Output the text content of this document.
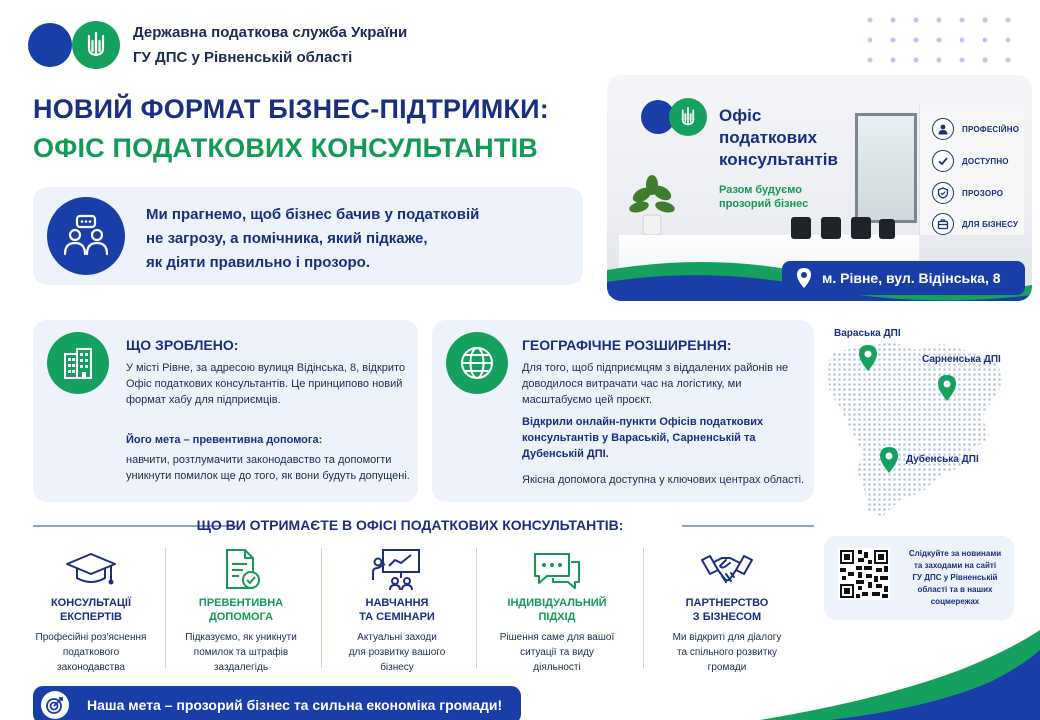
Державна податкова служба України
ГУ ДПС у Рівненській області
НОВИЙ ФОРМАТ БІЗНЕС-ПІДТРИМКИ:
ОФІС ПОДАТКОВИХ КОНСУЛЬТАНТІВ
Ми прагнемо, щоб бізнес бачив у податковій
не загрозу, а помічника, який підкаже,
як діяти правильно і прозоро.
Офіс
податкових
консультантів
Разом будуємо
прозорий бізнес
ПРОФЕСІЙНО
ДОСТУПНО
ПРОЗОРО
ДЛЯ БІЗНЕСУ
м. Рівне, вул. Відінська, 8
ЩО ЗРОБЛЕНО:
У місті Рівне, за адресою вулиця Відінська, 8, відкрито Офіс податкових консультантів. Це принципово новий формат хабу для підприємців.
Його мета – превентивна допомога:
навчити, розтлумачити законодавство та допомогти уникнути помилок ще до того, як вони будуть допущені.
ГЕОГРАФІЧНЕ РОЗШИРЕННЯ:
Для того, щоб підприємцям з віддалених районів не доводилося витрачати час на логістику, ми масштабуємо цей проєкт.
Відкрили онлайн-пункти Офісів податкових консультантів у Вараській, Сарненській та Дубенській ДПІ.
Якісна допомога доступна у ключових центрах області.
Вараська ДПІ
Сарненська ДПІ
Дубенська ДПІ
ЩО ВИ ОТРИМАЄТЕ В ОФІСІ ПОДАТКОВИХ КОНСУЛЬТАНТІВ:
КОНСУЛЬТАЦІЇ
ЕКСПЕРТІВ
Професійні роз'яснення
податкового
законодавства
ПРЕВЕНТИВНА
ДОПОМОГА
Підказуємо, як уникнути
помилок та штрафів
заздалегідь
НАВЧАННЯ
ТА СЕМІНАРИ
Актуальні заходи
для розвитку вашого
бізнесу
ІНДИВІДУАЛЬНИЙ
ПІДХІД
Рішення саме для вашої
ситуації та виду
діяльності
ПАРТНЕРСТВО
З БІЗНЕСОМ
Ми відкриті для діалогу
та спільного розвитку
громади
Слідкуйте за новинами
та заходами на сайті
ГУ ДПС у Рівненській
області та в наших
соцмережах
Наша мета – прозорий бізнес та сильна економіка громади!
